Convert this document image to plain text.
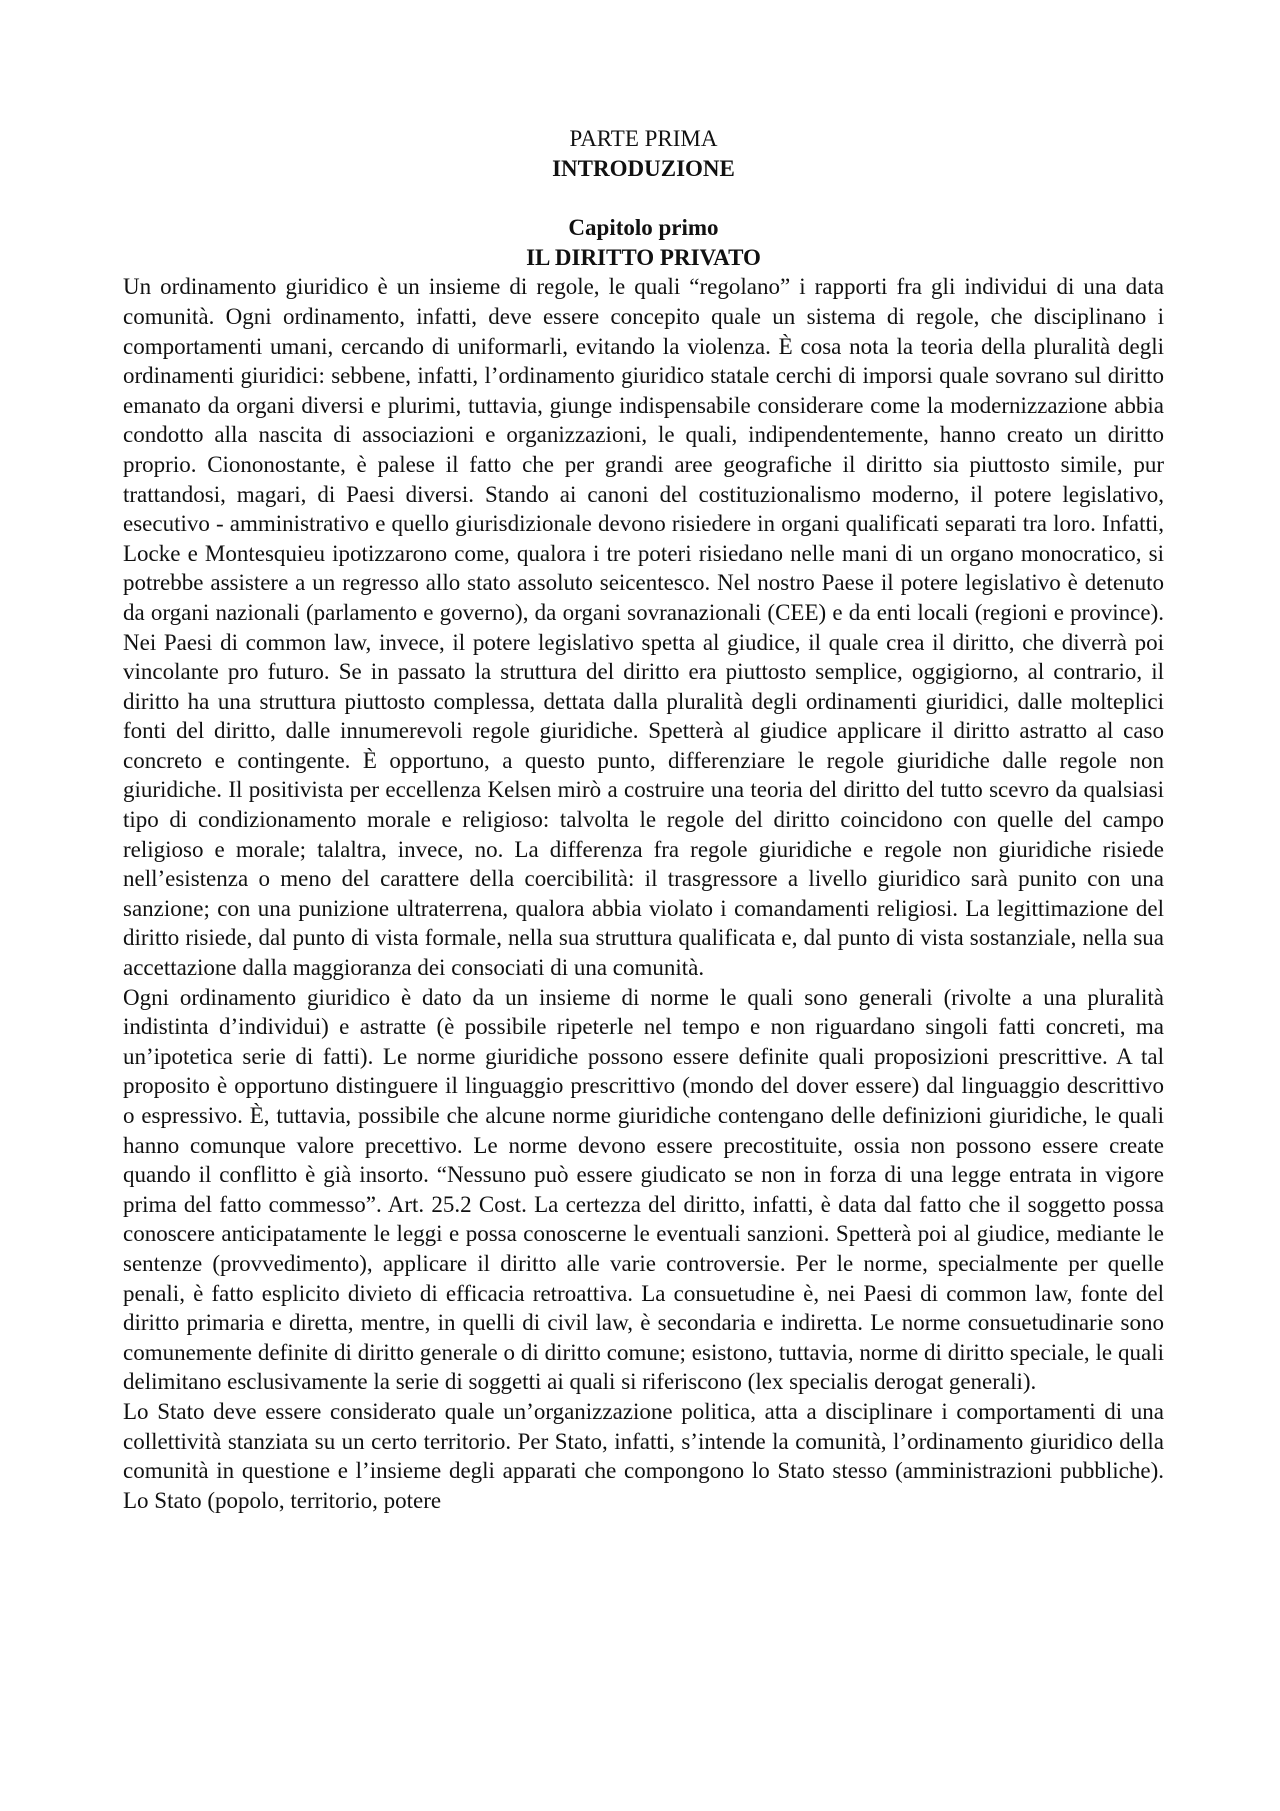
PARTE PRIMA
INTRODUZIONE
Capitolo primo
IL DIRITTO PRIVATO

Un ordinamento giuridico è un insieme di regole, le quali “regolano” i rapporti fra gli individui di una data comunità. Ogni ordinamento, infatti, deve essere concepito quale un sistema di regole, che disciplinano i comportamenti umani, cercando di uniformarli, evitando la violenza. È cosa nota la teoria della pluralità degli ordinamenti giuridici: sebbene, infatti, l’ordinamento giuridico statale cerchi di imporsi quale sovrano sul diritto emanato da organi diversi e plurimi, tuttavia, giunge indispensabile considerare come la modernizzazione abbia condotto alla nascita di associazioni e organizzazioni, le quali, indipendentemente, hanno creato un diritto proprio. Ciononostante, è palese il fatto che per grandi aree geografiche il diritto sia piuttosto simile, pur trattandosi, magari, di Paesi diversi. Stando ai canoni del costituzionalismo moderno, il potere legislativo, esecutivo - amministrativo e quello giurisdizionale devono risiedere in organi qualificati separati tra loro. Infatti, Locke e Montesquieu ipotizzarono come, qualora i tre poteri risiedano nelle mani di un organo monocratico, si potrebbe assistere a un regresso allo stato assoluto seicentesco. Nel nostro Paese il potere legislativo è detenuto da organi nazionali (parlamento e governo), da organi sovranazionali (CEE) e da enti locali (regioni e province). Nei Paesi di common law, invece, il potere legislativo spetta al giudice, il quale crea il diritto, che diverrà poi vincolante pro futuro. Se in passato la struttura del diritto era piuttosto semplice, oggigiorno, al contrario, il diritto ha una struttura piuttosto complessa, dettata dalla pluralità degli ordinamenti giuridici, dalle molteplici fonti del diritto, dalle innumerevoli regole giuridiche. Spetterà al giudice applicare il diritto astratto al caso concreto e contingente. È opportuno, a questo punto, differenziare le regole giuridiche dalle regole non giuridiche. Il positivista per eccellenza Kelsen mirò a costruire una teoria del diritto del tutto scevro da qualsiasi tipo di condizionamento morale e religioso: talvolta le regole del diritto coincidono con quelle del campo religioso e morale; talaltra, invece, no. La differenza fra regole giuridiche e regole non giuridiche risiede nell’esistenza o meno del carattere della coercibilità: il trasgressore a livello giuridico sarà punito con una sanzione; con una punizione ultraterrena, qualora abbia violato i comandamenti religiosi. La legittimazione del diritto risiede, dal punto di vista formale, nella sua struttura qualificata e, dal punto di vista sostanziale, nella sua accettazione dalla maggioranza dei consociati di una comunità.

Ogni ordinamento giuridico è dato da un insieme di norme le quali sono generali (rivolte a una pluralità indistinta d’individui) e astratte (è possibile ripeterle nel tempo e non riguardano singoli fatti concreti, ma un’ipotetica serie di fatti). Le norme giuridiche possono essere definite quali proposizioni prescrittive. A tal proposito è opportuno distinguere il linguaggio prescrittivo (mondo del dover essere) dal linguaggio descrittivo o espressivo. È, tuttavia, possibile che alcune norme giuridiche contengano delle definizioni giuridiche, le quali hanno comunque valore precettivo. Le norme devono essere precostituite, ossia non possono essere create quando il conflitto è già insorto. “Nessuno può essere giudicato se non in forza di una legge entrata in vigore prima del fatto commesso”. Art. 25.2 Cost. La certezza del diritto, infatti, è data dal fatto che il soggetto possa conoscere anticipatamente le leggi e possa conoscerne le eventuali sanzioni. Spetterà poi al giudice, mediante le sentenze (provvedimento), applicare il diritto alle varie controversie. Per le norme, specialmente per quelle penali, è fatto esplicito divieto di efficacia retroattiva. La consuetudine è, nei Paesi di common law, fonte del diritto primaria e diretta, mentre, in quelli di civil law, è secondaria e indiretta. Le norme consuetudinarie sono comunemente definite di diritto generale o di diritto comune; esistono, tuttavia, norme di diritto speciale, le quali delimitano esclusivamente la serie di soggetti ai quali si riferiscono (lex specialis derogat generali).

Lo Stato deve essere considerato quale un’organizzazione politica, atta a disciplinare i comportamenti di una collettività stanziata su un certo territorio. Per Stato, infatti, s’intende la comunità, l’ordinamento giuridico della comunità in questione e l’insieme degli apparati che compongono lo Stato stesso (amministrazioni pubbliche). Lo Stato (popolo, territorio, potere
